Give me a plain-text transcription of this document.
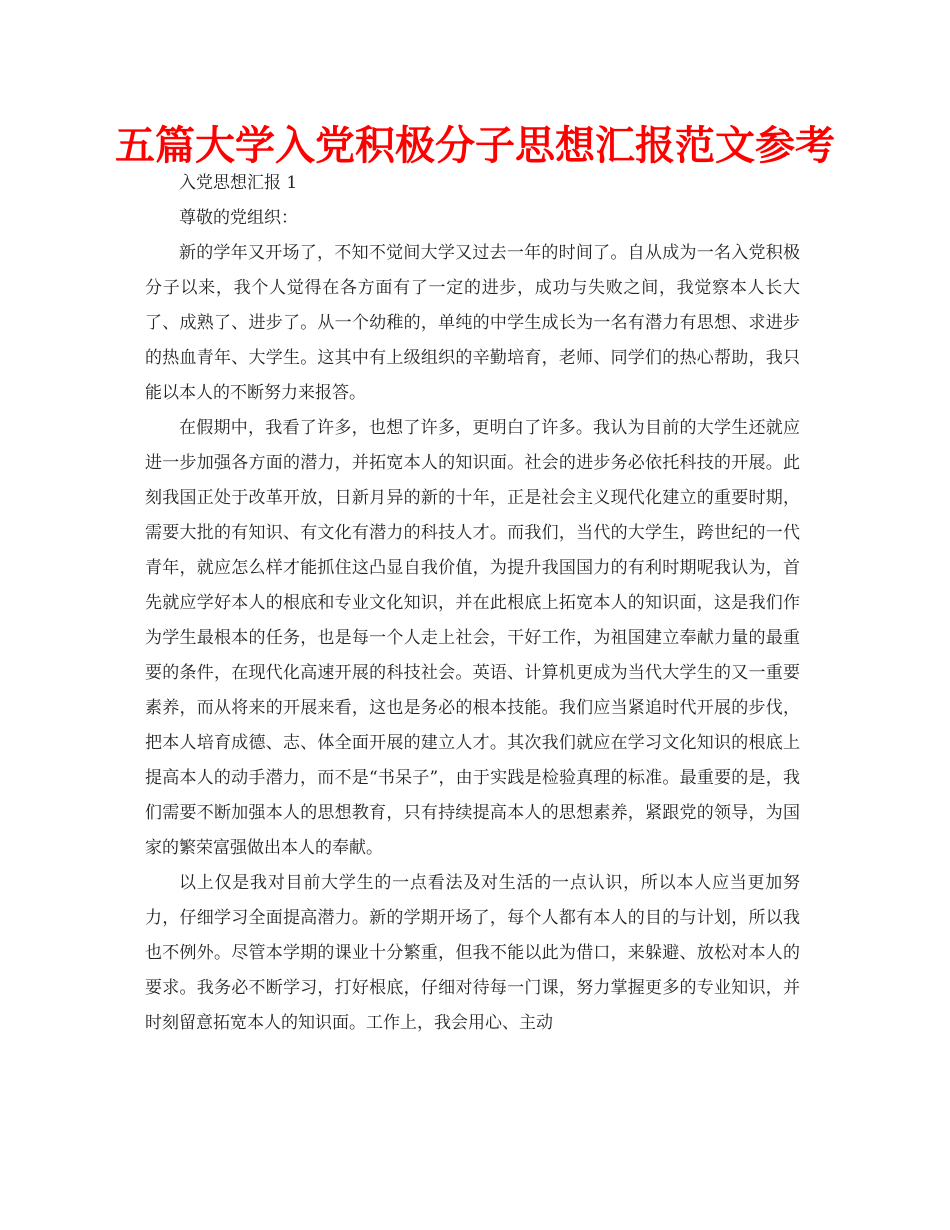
五篇大学入党积极分子思想汇报范文参考

入党思想汇报 1

尊敬的党组织：

新的学年又开场了，不知不觉间大学又过去一年的时间了。自从成为一名入党积极分子以来，我个人觉得在各方面有了一定的进步，成功与失败之间，我觉察本人长大了、成熟了、进步了。从一个幼稚的，单纯的中学生成长为一名有潜力有思想、求进步的热血青年、大学生。这其中有上级组织的辛勤培育，老师、同学们的热心帮助，我只能以本人的不断努力来报答。

在假期中，我看了许多，也想了许多，更明白了许多。我认为目前的大学生还就应进一步加强各方面的潜力，并拓宽本人的知识面。社会的进步务必依托科技的开展。此刻我国正处于改革开放，日新月异的新的十年，正是社会主义现代化建立的重要时期，需要大批的有知识、有文化有潜力的科技人才。而我们，当代的大学生，跨世纪的一代青年，就应怎么样才能抓住这凸显自我价值，为提升我国国力的有利时期呢我认为，首先就应学好本人的根底和专业文化知识，并在此根底上拓宽本人的知识面，这是我们作为学生最根本的任务，也是每一个人走上社会，干好工作，为祖国建立奉献力量的最重要的条件，在现代化高速开展的科技社会。英语、计算机更成为当代大学生的又一重要素养，而从将来的开展来看，这也是务必的根本技能。我们应当紧追时代开展的步伐，把本人培育成德、志、体全面开展的建立人才。其次我们就应在学习文化知识的根底上提高本人的动手潜力，而不是“书呆子”，由于实践是检验真理的标准。最重要的是，我们需要不断加强本人的思想教育，只有持续提高本人的思想素养，紧跟党的领导，为国家的繁荣富强做出本人的奉献。

以上仅是我对目前大学生的一点看法及对生活的一点认识，所以本人应当更加努力，仔细学习全面提高潜力。新的学期开场了，每个人都有本人的目的与计划，所以我也不例外。尽管本学期的课业十分繁重，但我不能以此为借口，来躲避、放松对本人的要求。我务必不断学习，打好根底，仔细对待每一门课，努力掌握更多的专业知识，并时刻留意拓宽本人的知识面。工作上，我会用心、主动
